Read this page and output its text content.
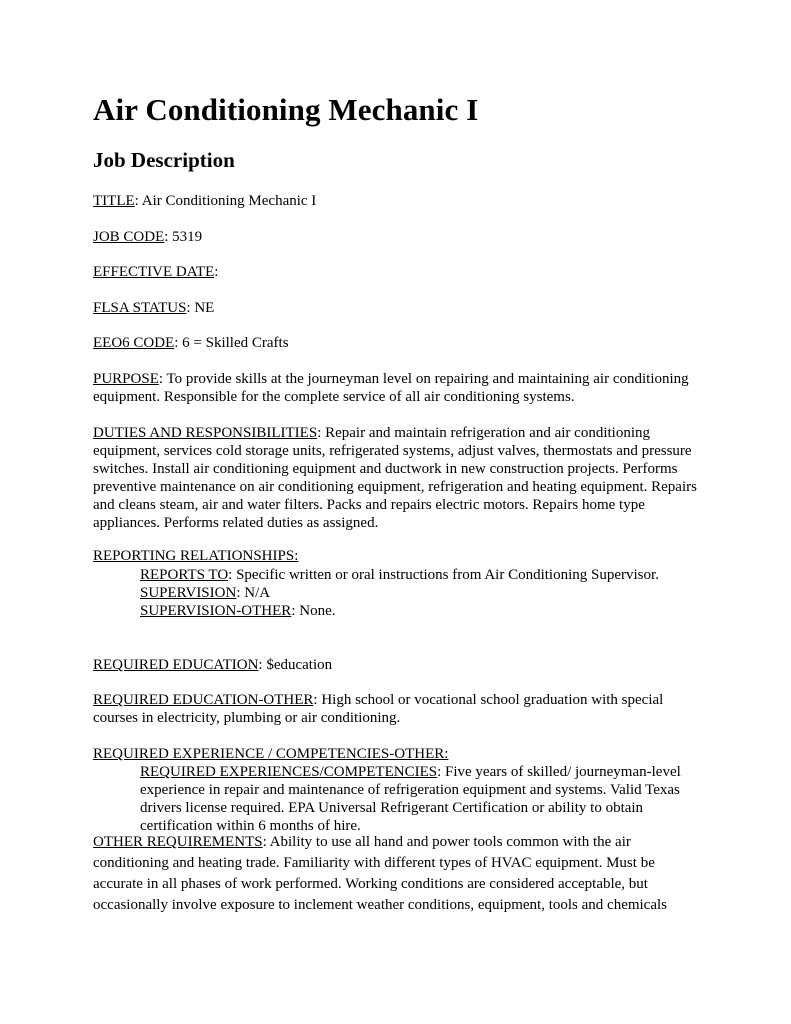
Air Conditioning Mechanic I
Job Description

TITLE: Air Conditioning Mechanic I

JOB CODE: 5319

EFFECTIVE DATE:

FLSA STATUS: NE

EEO6 CODE: 6 = Skilled Crafts

PURPOSE: To provide skills at the journeyman level on repairing and maintaining air conditioning equipment. Responsible for the complete service of all air conditioning systems.

DUTIES AND RESPONSIBILITIES: Repair and maintain refrigeration and air conditioning equipment, services cold storage units, refrigerated systems, adjust valves, thermostats and pressure switches. Install air conditioning equipment and ductwork in new construction projects. Performs preventive maintenance on air conditioning equipment, refrigeration and heating equipment. Repairs and cleans steam, air and water filters. Packs and repairs electric motors. Repairs home type appliances. Performs related duties as assigned.

REPORTING RELATIONSHIPS:

REPORTS TO: Specific written or oral instructions from Air Conditioning Supervisor.

SUPERVISION: N/A

SUPERVISION-OTHER: None.

REQUIRED EDUCATION: $education

REQUIRED EDUCATION-OTHER: High school or vocational school graduation with special courses in electricity, plumbing or air conditioning.

REQUIRED EXPERIENCE / COMPETENCIES-OTHER:

REQUIRED EXPERIENCES/COMPETENCIES: Five years of skilled/ journeyman-level experience in repair and maintenance of refrigeration equipment and systems. Valid Texas drivers license required. EPA Universal Refrigerant Certification or ability to obtain certification within 6 months of hire.

OTHER REQUIREMENTS: Ability to use all hand and power tools common with the air conditioning and heating trade. Familiarity with different types of HVAC equipment. Must be accurate in all phases of work performed. Working conditions are considered acceptable, but occasionally involve exposure to inclement weather conditions, equipment, tools and chemicals
